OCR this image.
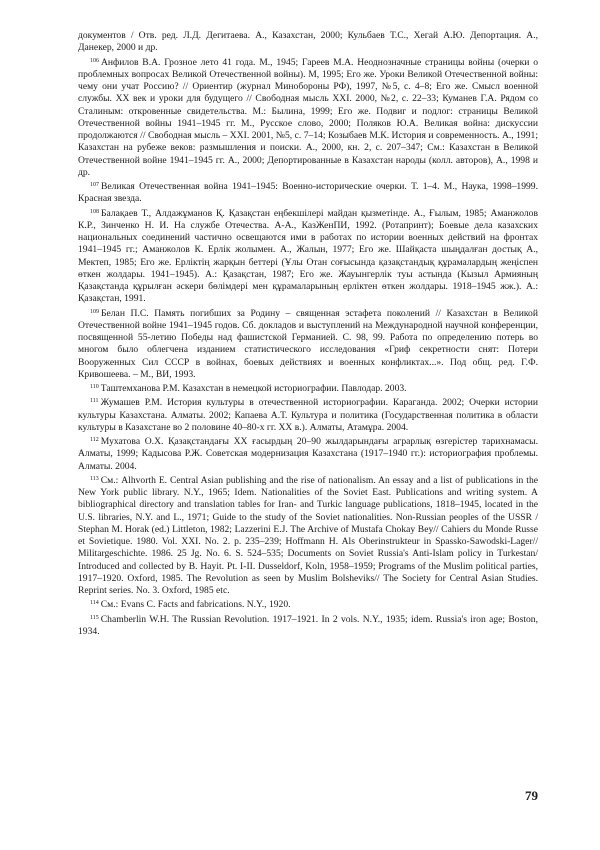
документов / Отв. ред. Л.Д. Дегитаева. А., Казахстан, 2000; Кульбаев Т.С., Хегай А.Ю. Депортация. А., Данекер, 2000 и др.

$^{106}$ Анфилов В.А. Грозное лето 41 года. М., 1945; Гареев М.А. Неоднозначные страницы войны (очерки о проблемных вопросах Великой Отечественной войны). М, 1995; Его же. Уроки Великой Отечественной войны: чему они учат Россию? // Ориентир (журнал Минобороны РФ), 1997, №5, с. 4–8; Его же. Смысл военной службы. XX век и уроки для будущего // Свободная мысль XXI. 2000, №2, с. 22–33; Куманев Г.А. Рядом со Сталиным: откровенные свидетельства. М.: Былина, 1999; Его же. Подвиг и подлог: страницы Великой Отечественной войны 1941–1945 гг. М., Русское слово, 2000; Поляков Ю.А. Великая война: дискуссии продолжаются // Свободная мысль – XXI. 2001, №5, с. 7–14; Козыбаев М.К. История и современность. А., 1991; Казахстан на рубеже веков: размышления и поиски. А., 2000, кн. 2, с. 207–347; См.: Казахстан в Великой Отечественной войне 1941–1945 гг. А., 2000; Депортированные в Казахстан народы (колл. авторов), А., 1998 и др.

$^{107}$ Великая Отечественная война 1941–1945: Военно-исторические очерки. Т. 1–4. М., Наука, 1998–1999. Красная звезда.

$^{108}$ Балақаев Т., Алдажұманов Қ. Қазақстан еңбекшілері майдан қызметінде. А., Ғылым, 1985; Аманжолов К.Р., Зинченко Н. И. На службе Отечества. А-А., КазЖенПИ, 1992. (Ротапринт); Боевые дела казахских национальных соединений частично освещаются ими в работах по истории военных действий на фронтах 1941–1945 гг.; Аманжолов К. Ерлік жолымен. А., Жалын, 1977; Его же. Шайқаста шыңдалған достық А., Мектеп, 1985; Его же. Ерліктің жарқын беттері (Ұлы Отан соғысында қазақстандық құрамалардың жеңіспен өткен жолдары. 1941–1945). А.: Қазақстан, 1987; Его же. Жауынгерлік туы астында (Кызыл Армияның Қазақстанда құрылған әскери бөлімдері мен құрамаларының ерліктен өткен жолдары. 1918–1945 жж.). А.: Қазақстан, 1991.

$^{109}$ Белан П.С. Память погибших за Родину – священная эстафета поколений // Казахстан в Великой Отечественной войне 1941–1945 годов. Сб. докладов и выступлений на Международной научной конференции, посвященной 55-летию Победы над фашистской Германией. С. 98, 99. Работа по определению потерь во многом было облегчена изданием статистического исследования «Гриф секретности снят: Потери Вооруженных Сил СССР в войнах, боевых действиях и военных конфликтах...». Под общ. ред. Г.Ф. Кривошеева. – М., ВИ, 1993.

$^{110}$ Таштемханова Р.М. Казахстан в немецкой историографии. Павлодар. 2003.

$^{111}$ Жумашев Р.М. История культуры в отечественной историографии. Караганда. 2002; Очерки истории культуры Казахстана. Алматы. 2002; Капаева А.Т. Культура и политика (Государственная политика в области культуры в Казахстане во 2 половине 40–80-х гг. XX в.). Алматы, Атамұра. 2004.

$^{112}$ Мухатова О.Х. Қазақстандағы XX ғасырдың 20–90 жылдарындағы аграрлық өзгерістер тарихнамасы. Алматы, 1999; Кадысова Р.Ж. Советская модернизация Казахстана (1917–1940 гг.): историография проблемы. Алматы. 2004.

$^{113}$ См.: Alhvorth E. Central Asian publishing and the rise of nationalism. An essay and a list of publications in the New York public library. N.Y., 1965; Idem. Nationalities of the Soviet East. Publications and writing system. A bibliographical directory and translation tables for Iran- and Turkic language publications, 1818–1945, located in the U.S. libraries, N.Y. and L., 1971; Guide to the study of the Soviet nationalities. Non-Russian peoples of the USSR / Stephan M. Horak (ed.) Littleton, 1982; Lazzerini E.J. The Archive of Mustafa Chokay Bey// Cahiers du Monde Russe et Sovietique. 1980. Vol. XXI. No. 2. p. 235–239; Hoffmann H. Als Oberinstrukteur in Spassko-Sawodski-Lager// Militargeschichte. 1986. 25 Jg. No. 6. S. 524–535; Documents on Soviet Russia's Anti-Islam policy in Turkestan/ Introduced and collected by B. Hayit. Pt. I-II. Dusseldorf, Koln, 1958–1959; Programs of the Muslim political parties, 1917–1920. Oxford, 1985. The Revolution as seen by Muslim Bolsheviks// The Society for Central Asian Studies. Reprint series. No. 3. Oxford, 1985 etc.

$^{114}$ См.: Evans C. Facts and fabrications. N.Y., 1920.

$^{115}$ Chamberlin W.H. The Russian Revolution. 1917–1921. In 2 vols. N.Y., 1935; idem. Russia's iron age; Boston, 1934.

79
